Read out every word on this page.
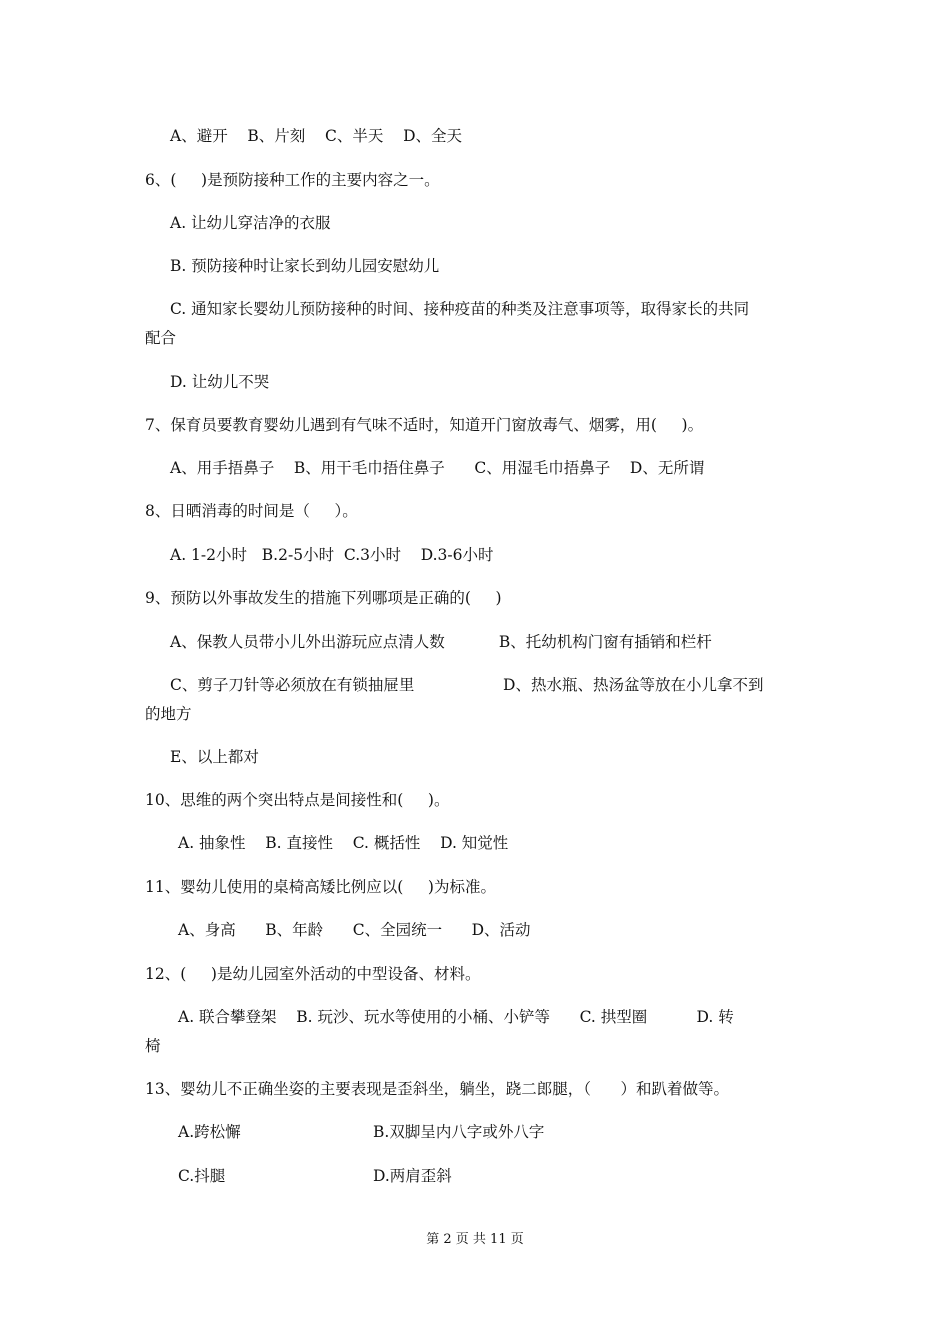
A、避开    B、片刻    C、半天    D、全天
6、(     )是预防接种工作的主要内容之一。
A. 让幼儿穿洁净的衣服
B. 预防接种时让家长到幼儿园安慰幼儿
C. 通知家长婴幼儿预防接种的时间、接种疫苗的种类及注意事项等，取得家长的共同
配合
D. 让幼儿不哭
7、保育员要教育婴幼儿遇到有气味不适时，知道开门窗放毒气、烟雾，用(     )。
A、用手捂鼻子    B、用干毛巾捂住鼻子      C、用湿毛巾捂鼻子    D、无所谓
8、日晒消毒的时间是（     ）。
A. 1-2小时   B.2-5小时  C.3小时    D.3-6小时
9、预防以外事故发生的措施下列哪项是正确的(     )
A、保教人员带小儿外出游玩应点清人数           B、托幼机构门窗有插销和栏杆
C、剪子刀针等必须放在有锁抽屉里                  D、热水瓶、热汤盆等放在小儿拿不到
的地方
E、以上都对
10、思维的两个突出特点是间接性和(     )。
A. 抽象性    B. 直接性    C. 概括性    D. 知觉性
11、婴幼儿使用的桌椅高矮比例应以(     )为标准。
A、身高      B、年龄      C、全园统一      D、活动
12、(     )是幼儿园室外活动的中型设备、材料。
A. 联合攀登架    B. 玩沙、玩水等使用的小桶、小铲等      C. 拱型圈          D. 转
椅
13、婴幼儿不正确坐姿的主要表现是歪斜坐，躺坐，跷二郎腿，（      ）和趴着做等。
A.跨松懈	B.双脚呈内八字或外八字
C.抖腿	D.两肩歪斜
第 2 页 共 11 页
